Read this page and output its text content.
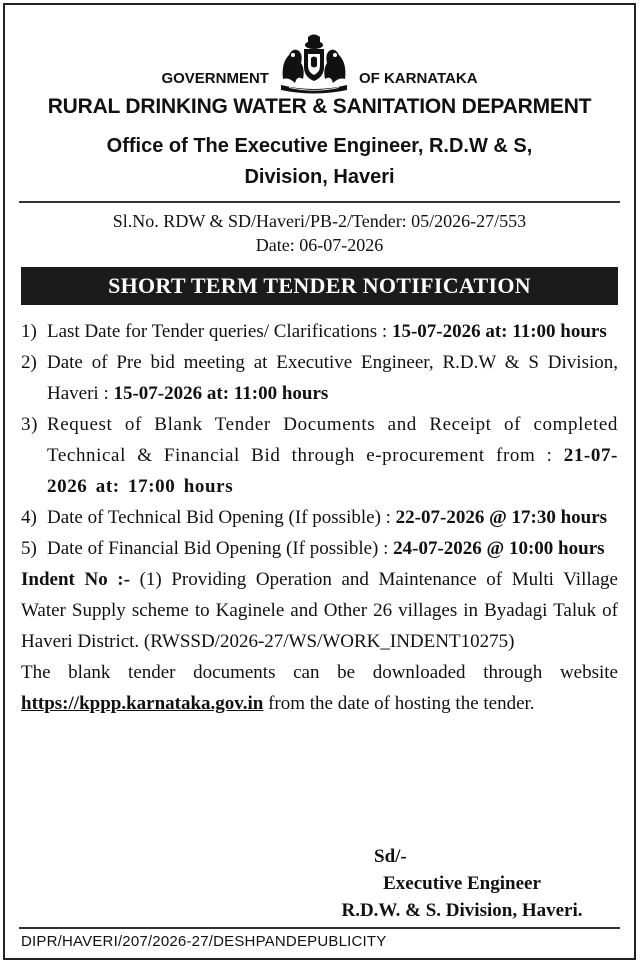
GOVERNMENT	OF KARNATAKA
RURAL DRINKING WATER & SANITATION DEPARMENT
Office of The Executive Engineer, R.D.W & S,
Division, Haveri
Sl.No. RDW & SD/Haveri/PB-2/Tender: 05/2026-27/553
Date: 06-07-2026
SHORT TERM TENDER NOTIFICATION
1) Last Date for Tender queries/ Clarifications : 15-07-2026 at: 11:00 hours
2) Date of Pre bid meeting at Executive Engineer, R.D.W & S Division, Haveri : 15-07-2026 at: 11:00 hours
3) Request of Blank Tender Documents and Receipt of completed Technical & Financial Bid through e-procurement from : 21-07-2026 at: 17:00 hours
4) Date of Technical Bid Opening (If possible) : 22-07-2026 @ 17:30 hours
5) Date of Financial Bid Opening (If possible) : 24-07-2026 @ 10:00 hours
Indent No :- (1) Providing Operation and Maintenance of Multi Village Water Supply scheme to Kaginele and Other 26 villages in Byadagi Taluk of Haveri District. (RWSSD/2026-27/WS/WORK_INDENT10275)
The blank tender documents can be downloaded through website https://kppp.karnataka.gov.in from the date of hosting the tender.
Sd/-
Executive Engineer
R.D.W. & S. Division, Haveri.
DIPR/HAVERI/207/2026-27/DESHPANDEPUBLICITY
